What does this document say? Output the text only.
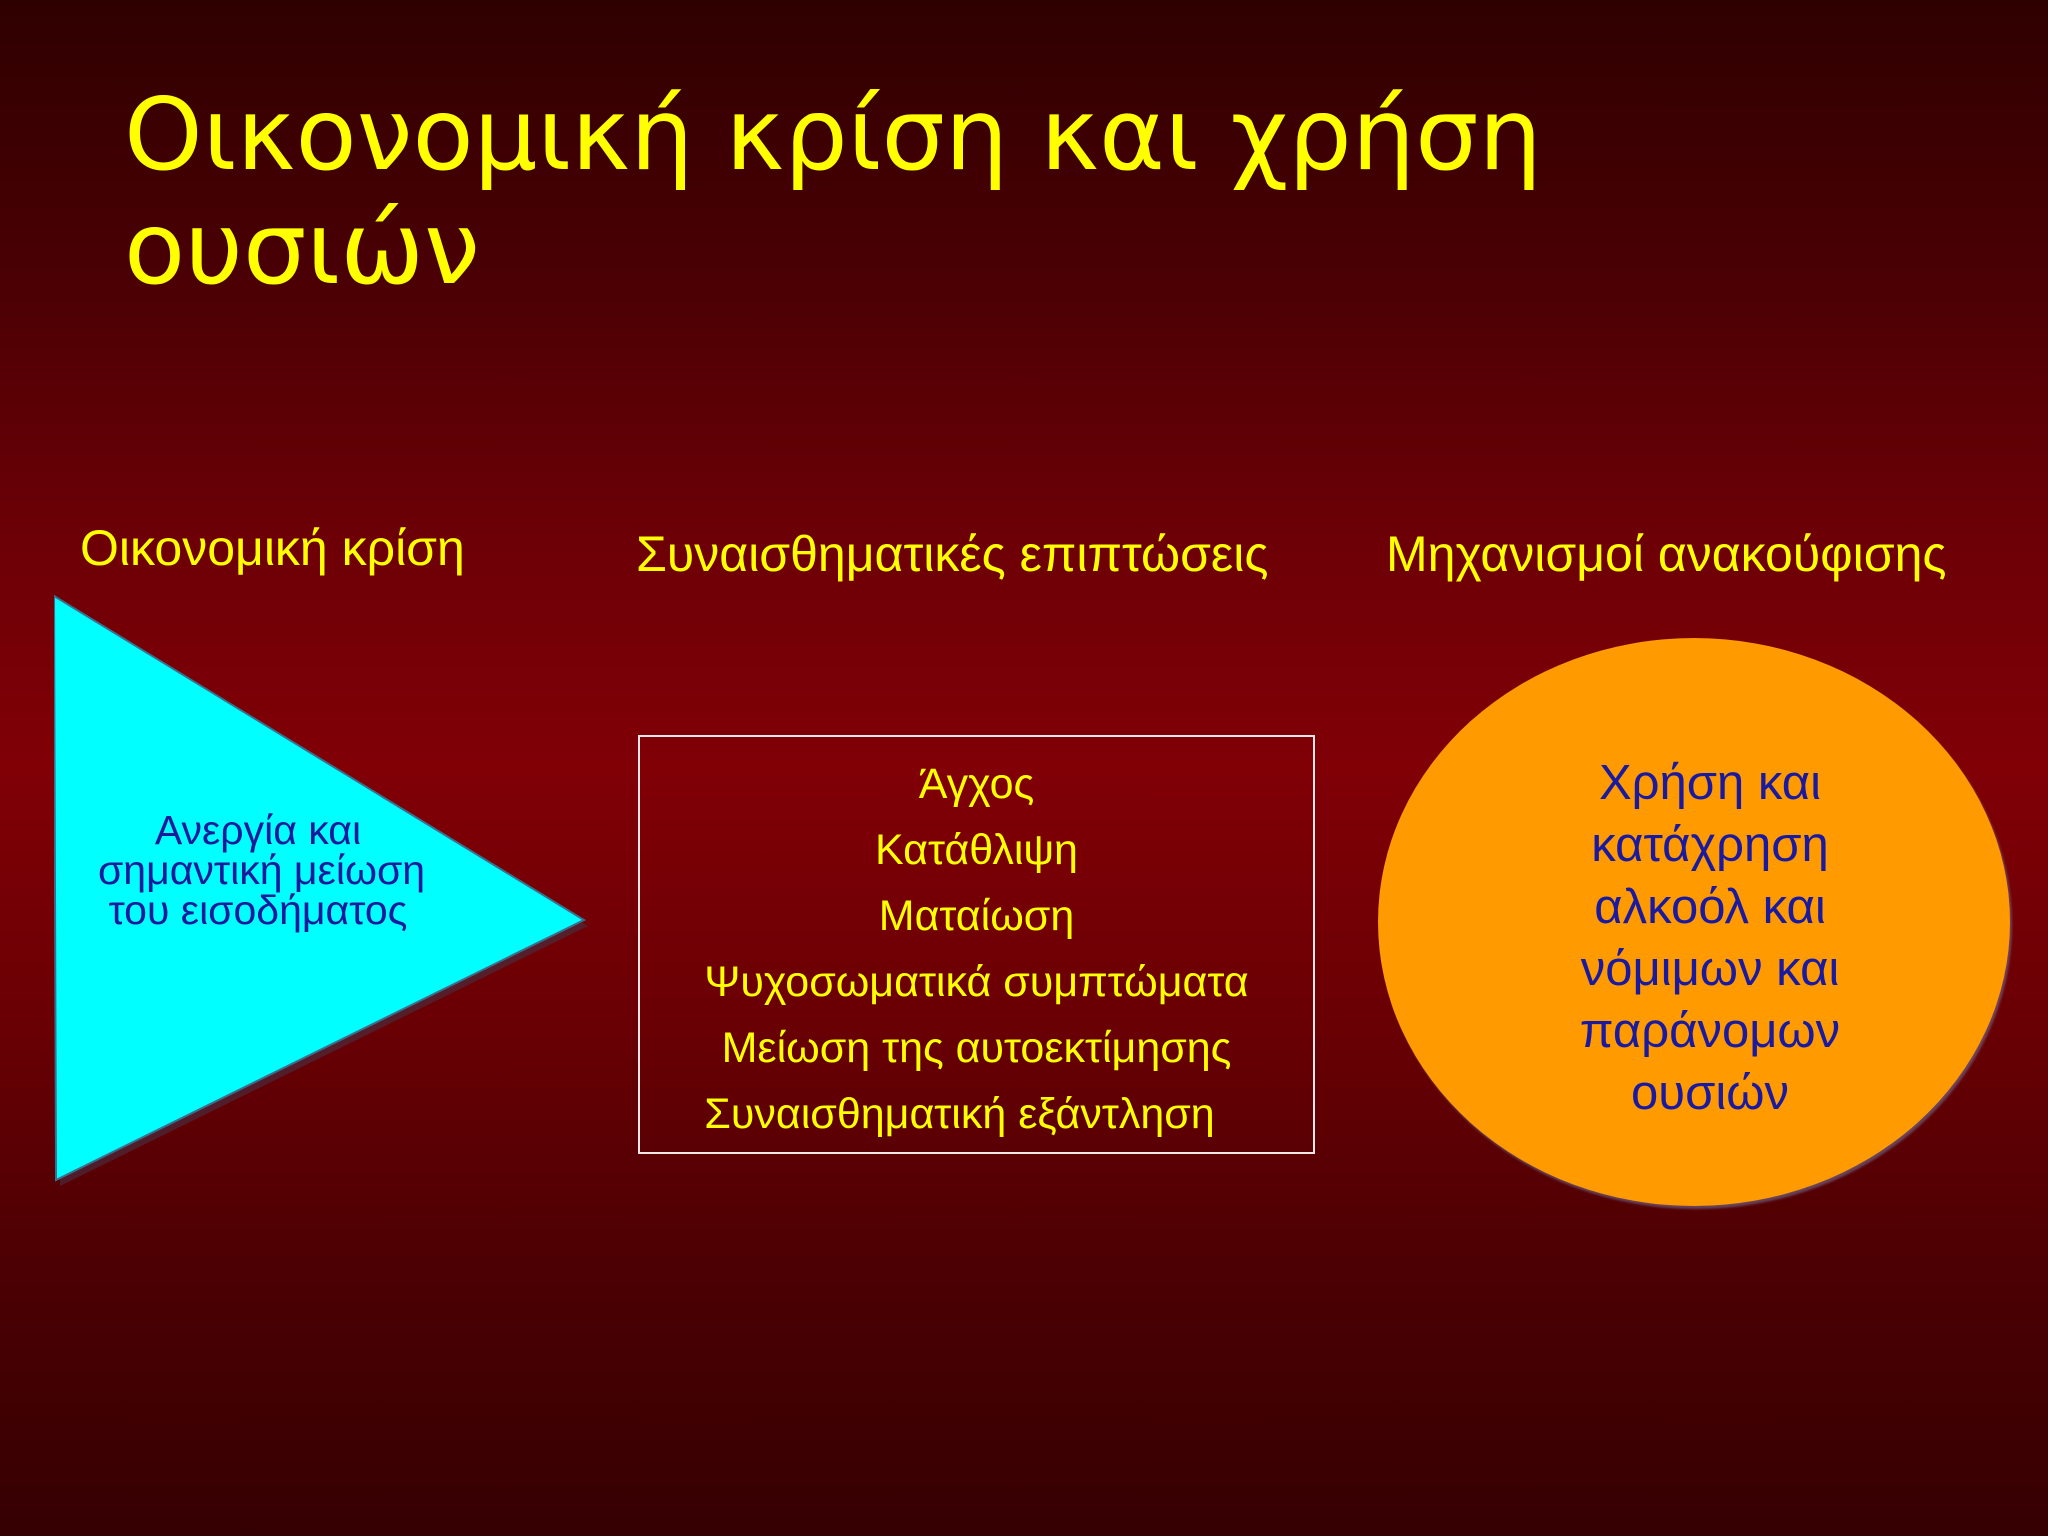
Οικονομική κρίση και χρήση
ουσιών
Οικονομική κρίση	Συναισθηματικές επιπτώσεις Μηχανισμοί ανακούφισης
Ανεργία και
σημαντική μείωση
του εισοδήματος
Άγχος
Κατάθλιψη
Ματαίωση
Ψυχοσωματικά συμπτώματα
Μείωση της αυτοεκτίμησης
Συναισθηματική εξάντληση
Χρήση και
κατάχρηση
αλκοόλ και
νόμιμων και
παράνομων
ουσιών
